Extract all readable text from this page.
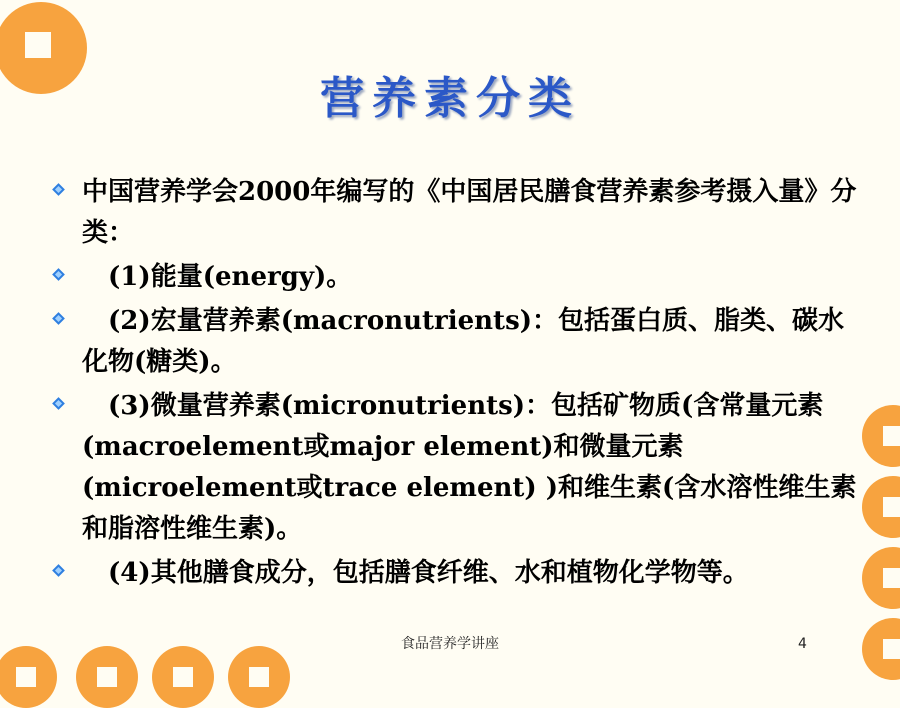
营养素分类
中国营养学会2000年编写的《中国居民膳食营养素参考摄入量》分类：
(1)能量(energy)。
(2)宏量营养素(macronutrients)：包括蛋白质、脂类、碳水化物(糖类)。
(3)微量营养素(micronutrients)：包括矿物质(含常量元素(macroelement或major element)和微量元素(microelement或trace element) )和维生素(含水溶性维生素和脂溶性维生素)。
(4)其他膳食成分，包括膳食纤维、水和植物化学物等。
食品营养学讲座	4
